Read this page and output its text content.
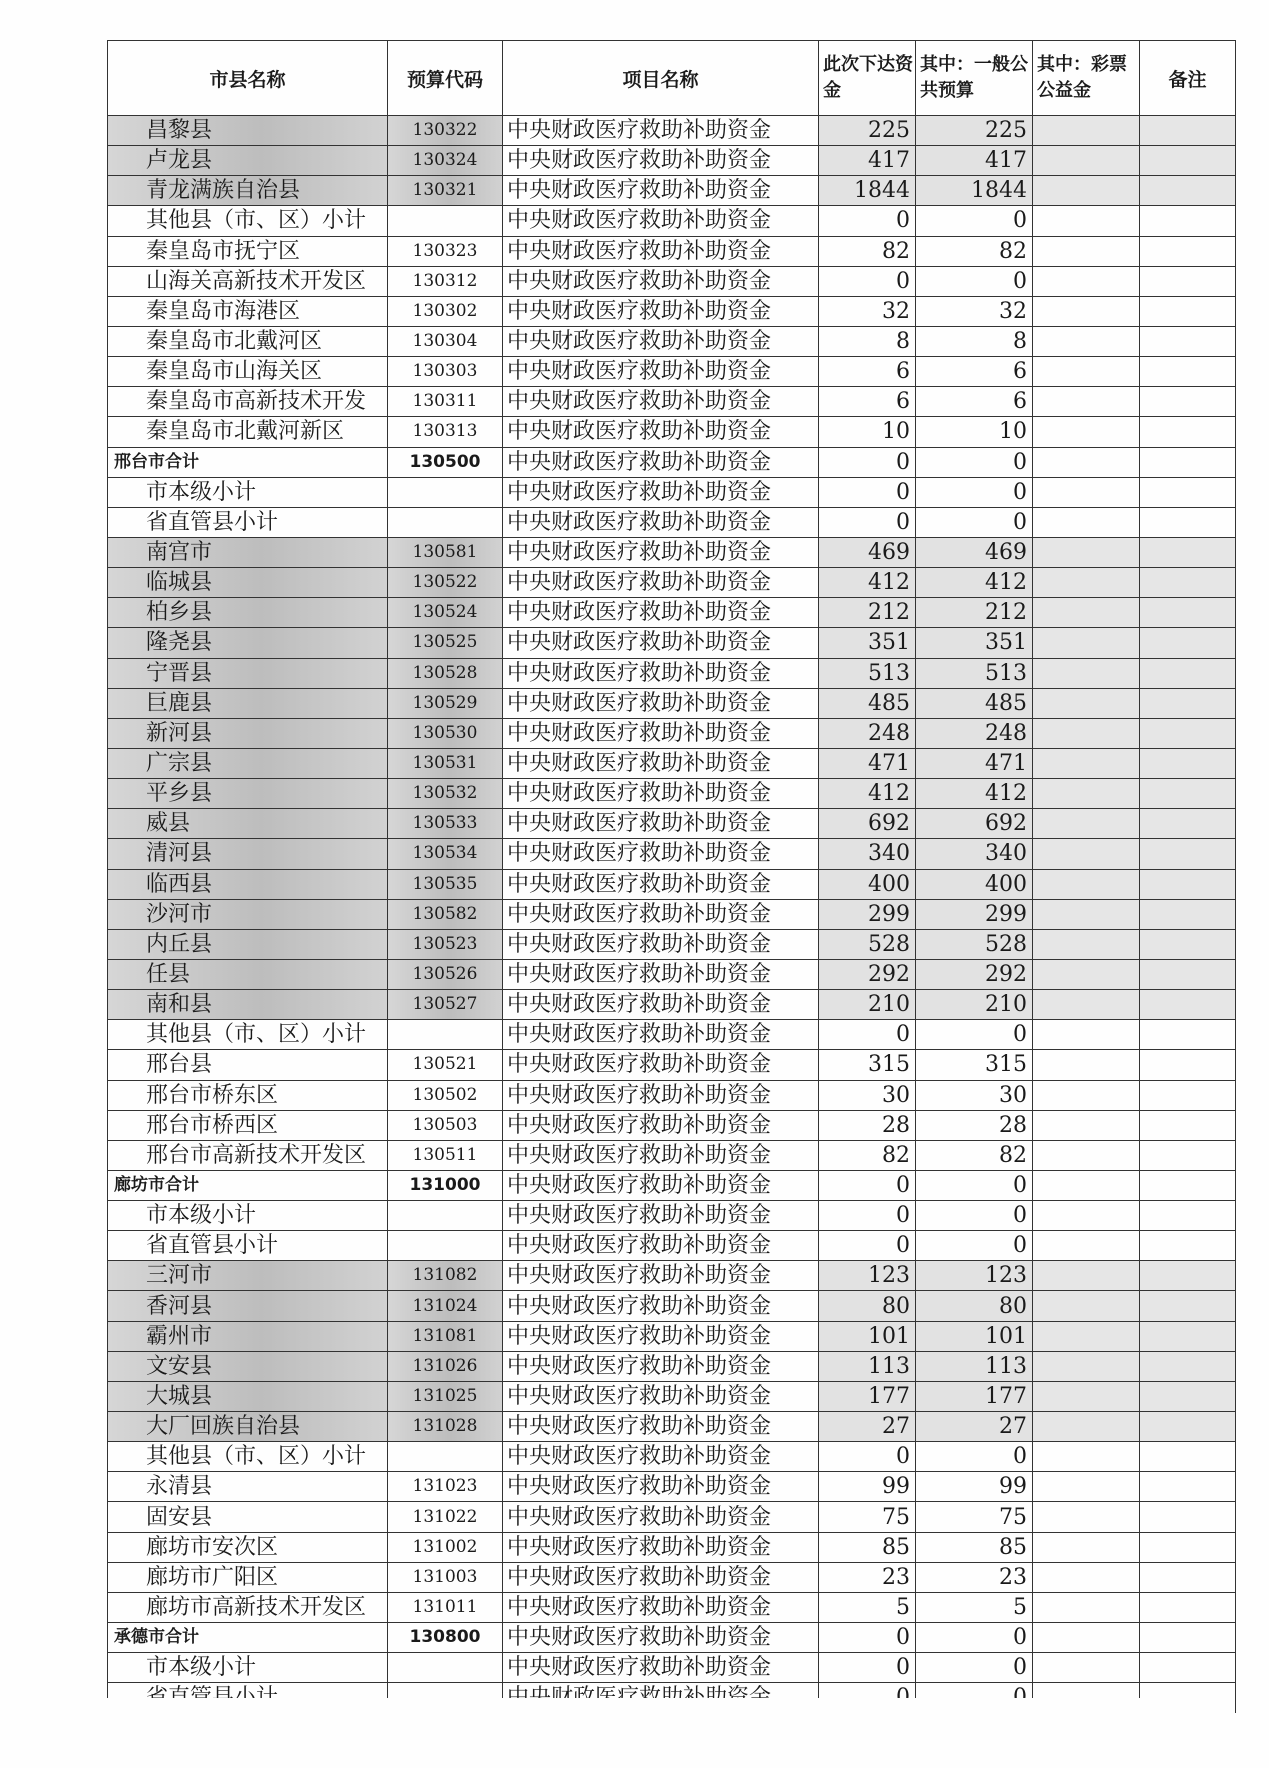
市县名称	预算代码	项目名称	此次下达资金	其中：一般公共预算	其中：彩票公益金	备注
昌黎县	130322	中央财政医疗救助补助资金	225	225		
卢龙县	130324	中央财政医疗救助补助资金	417	417		
青龙满族自治县	130321	中央财政医疗救助补助资金	1844	1844		
其他县（市、区）小计		中央财政医疗救助补助资金	0	0		
秦皇岛市抚宁区	130323	中央财政医疗救助补助资金	82	82		
山海关高新技术开发区	130312	中央财政医疗救助补助资金	0	0		
秦皇岛市海港区	130302	中央财政医疗救助补助资金	32	32		
秦皇岛市北戴河区	130304	中央财政医疗救助补助资金	8	8		
秦皇岛市山海关区	130303	中央财政医疗救助补助资金	6	6		
秦皇岛市高新技术开发	130311	中央财政医疗救助补助资金	6	6		
秦皇岛市北戴河新区	130313	中央财政医疗救助补助资金	10	10		
邢台市合计	130500	中央财政医疗救助补助资金	0	0		
市本级小计		中央财政医疗救助补助资金	0	0		
省直管县小计		中央财政医疗救助补助资金	0	0		
南宫市	130581	中央财政医疗救助补助资金	469	469		
临城县	130522	中央财政医疗救助补助资金	412	412		
柏乡县	130524	中央财政医疗救助补助资金	212	212		
隆尧县	130525	中央财政医疗救助补助资金	351	351		
宁晋县	130528	中央财政医疗救助补助资金	513	513		
巨鹿县	130529	中央财政医疗救助补助资金	485	485		
新河县	130530	中央财政医疗救助补助资金	248	248		
广宗县	130531	中央财政医疗救助补助资金	471	471		
平乡县	130532	中央财政医疗救助补助资金	412	412		
威县	130533	中央财政医疗救助补助资金	692	692		
清河县	130534	中央财政医疗救助补助资金	340	340		
临西县	130535	中央财政医疗救助补助资金	400	400		
沙河市	130582	中央财政医疗救助补助资金	299	299		
内丘县	130523	中央财政医疗救助补助资金	528	528		
任县	130526	中央财政医疗救助补助资金	292	292		
南和县	130527	中央财政医疗救助补助资金	210	210		
其他县（市、区）小计		中央财政医疗救助补助资金	0	0		
邢台县	130521	中央财政医疗救助补助资金	315	315		
邢台市桥东区	130502	中央财政医疗救助补助资金	30	30		
邢台市桥西区	130503	中央财政医疗救助补助资金	28	28		
邢台市高新技术开发区	130511	中央财政医疗救助补助资金	82	82		
廊坊市合计	131000	中央财政医疗救助补助资金	0	0		
市本级小计		中央财政医疗救助补助资金	0	0		
省直管县小计		中央财政医疗救助补助资金	0	0		
三河市	131082	中央财政医疗救助补助资金	123	123		
香河县	131024	中央财政医疗救助补助资金	80	80		
霸州市	131081	中央财政医疗救助补助资金	101	101		
文安县	131026	中央财政医疗救助补助资金	113	113		
大城县	131025	中央财政医疗救助补助资金	177	177		
大厂回族自治县	131028	中央财政医疗救助补助资金	27	27		
其他县（市、区）小计		中央财政医疗救助补助资金	0	0		
永清县	131023	中央财政医疗救助补助资金	99	99		
固安县	131022	中央财政医疗救助补助资金	75	75		
廊坊市安次区	131002	中央财政医疗救助补助资金	85	85		
廊坊市广阳区	131003	中央财政医疗救助补助资金	23	23		
廊坊市高新技术开发区	131011	中央财政医疗救助补助资金	5	5		
承德市合计	130800	中央财政医疗救助补助资金	0	0		
市本级小计		中央财政医疗救助补助资金	0	0		
